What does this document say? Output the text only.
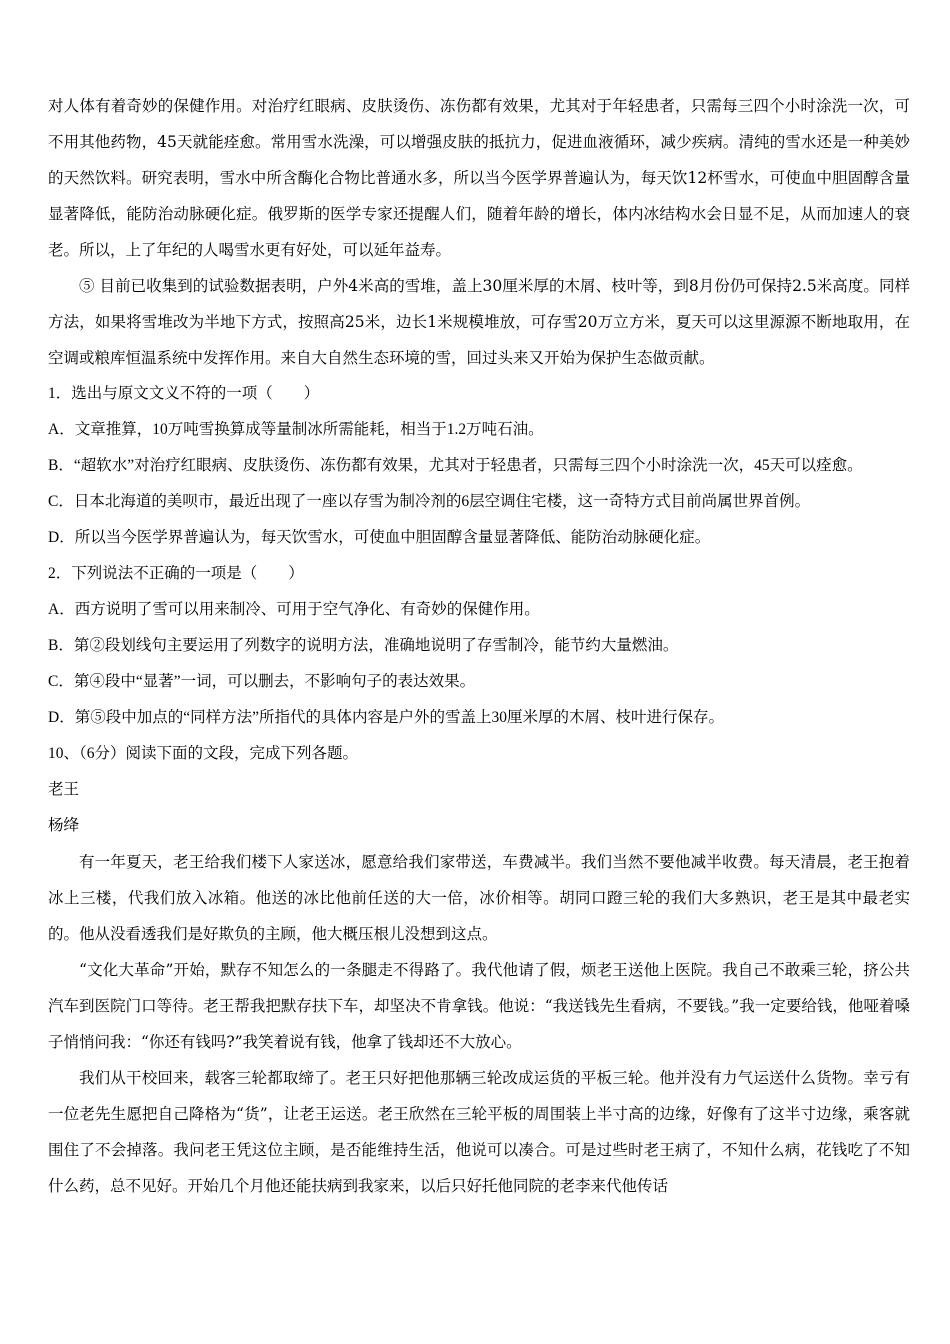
对人体有着奇妙的保健作用。对治疗红眼病、皮肤烫伤、冻伤都有效果，尤其对于年轻患者，只需每三四个小时涂洗一次，可不用其他药物，45天就能痊愈。常用雪水洗澡，可以增强皮肤的抵抗力，促进血液循环，减少疾病。清纯的雪水还是一种美妙的天然饮料。研究表明，雪水中所含酶化合物比普通水多，所以当今医学界普遍认为，每天饮12杯雪水，可使血中胆固醇含量显著降低，能防治动脉硬化症。俄罗斯的医学专家还提醒人们，随着年龄的增长，体内冰结构水会日显不足，从而加速人的衰老。所以，上了年纪的人喝雪水更有好处，可以延年益寿。

⑤ 目前已收集到的试验数据表明，户外4米高的雪堆，盖上30厘米厚的木屑、枝叶等，到8月份仍可保持2.5米高度。同样方法，如果将雪堆改为半地下方式，按照高25米，边长1米规模堆放，可存雪20万立方米，夏天可以这里源源不断地取用，在空调或粮库恒温系统中发挥作用。来自大自然生态环境的雪，回过头来又开始为保护生态做贡献。

1．选出与原文文义不符的一项（　　）

A．文章推算，10万吨雪换算成等量制冰所需能耗，相当于1.2万吨石油。

B．“超软水”对治疗红眼病、皮肤烫伤、冻伤都有效果，尤其对于轻患者，只需每三四个小时涂洗一次，45天可以痊愈。

C．日本北海道的美呗市，最近出现了一座以存雪为制冷剂的6层空调住宅楼，这一奇特方式目前尚属世界首例。

D．所以当今医学界普遍认为，每天饮雪水，可使血中胆固醇含量显著降低、能防治动脉硬化症。

2．下列说法不正确的一项是（　　）

A．西方说明了雪可以用来制冷、可用于空气净化、有奇妙的保健作用。

B．第②段划线句主要运用了列数字的说明方法，准确地说明了存雪制冷，能节约大量燃油。

C．第④段中“显著”一词，可以删去，不影响句子的表达效果。

D．第⑤段中加点的“同样方法”所指代的具体内容是户外的雪盖上30厘米厚的木屑、枝叶进行保存。

10、（6分）阅读下面的文段，完成下列各题。

老王

杨绛

有一年夏天，老王给我们楼下人家送冰，愿意给我们家带送，车费减半。我们当然不要他减半收费。每天清晨，老王抱着冰上三楼，代我们放入冰箱。他送的冰比他前任送的大一倍，冰价相等。胡同口蹬三轮的我们大多熟识，老王是其中最老实的。他从没看透我们是好欺负的主顾，他大概压根儿没想到这点。

“文化大革命”开始，默存不知怎么的一条腿走不得路了。我代他请了假，烦老王送他上医院。我自己不敢乘三轮，挤公共汽车到医院门口等待。老王帮我把默存扶下车，却坚决不肯拿钱。他说：“我送钱先生看病，不要钱。”我一定要给钱，他哑着嗓子悄悄问我：“你还有钱吗?”我笑着说有钱，他拿了钱却还不大放心。

我们从干校回来，载客三轮都取缔了。老王只好把他那辆三轮改成运货的平板三轮。他并没有力气运送什么货物。幸亏有一位老先生愿把自己降格为“货”，让老王运送。老王欣然在三轮平板的周围装上半寸高的边缘，好像有了这半寸边缘，乘客就围住了不会掉落。我问老王凭这位主顾，是否能维持生活，他说可以凑合。可是过些时老王病了，不知什么病，花钱吃了不知什么药，总不见好。开始几个月他还能扶病到我家来，以后只好托他同院的老李来代他传话
